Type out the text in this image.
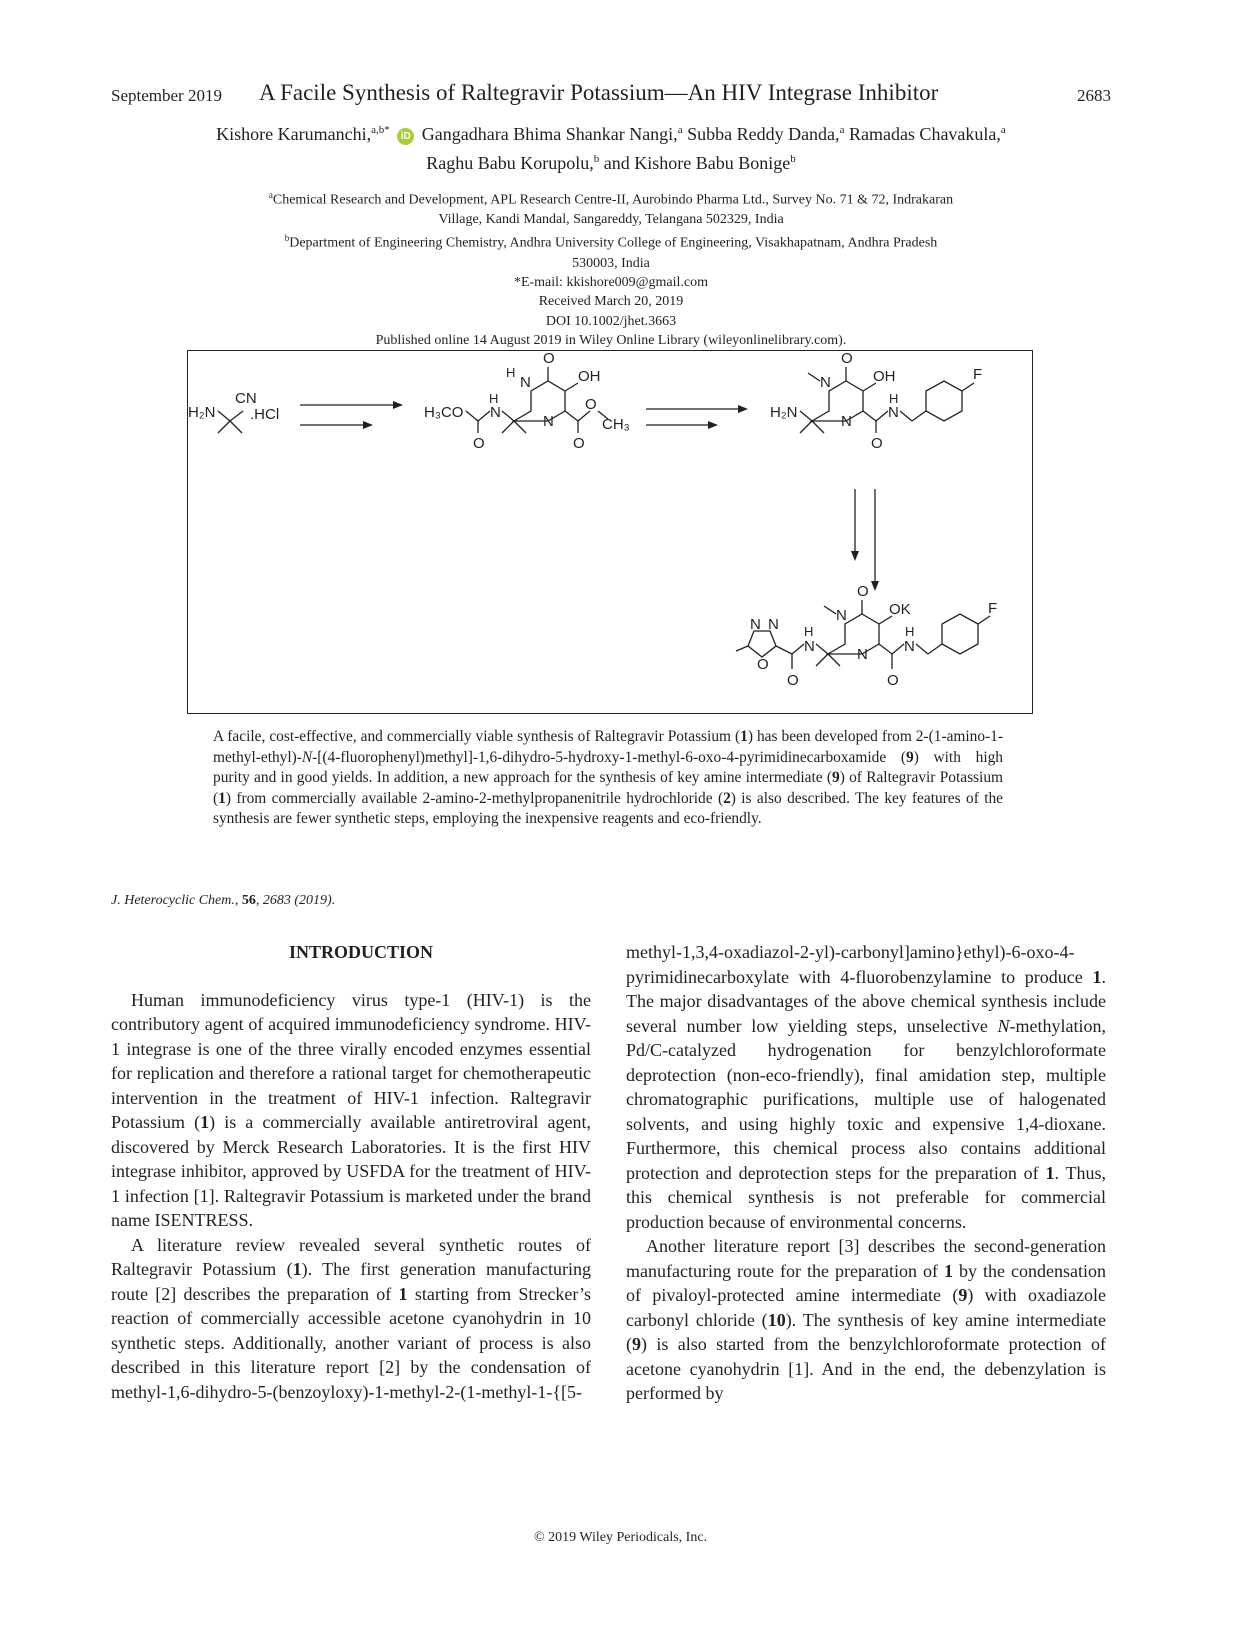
September 2019 A Facile Synthesis of Raltegravir Potassium—An HIV Integrase Inhibitor	2683
Kishore Karumanchi,$^{a,b*}$ iD Gangadhara Bhima Shankar Nangi,$^a$ Subba Reddy Danda,$^a$ Ramadas Chavakula,$^a$
Raghu Babu Korupolu,$^b$ and Kishore Babu Bonige$^b$
$^a$Chemical Research and Development, APL Research Centre-II, Aurobindo Pharma Ltd., Survey No. 71 & 72, Indrakaran
Village, Kandi Mandal, Sangareddy, Telangana 502329, India
$^b$Department of Engineering Chemistry, Andhra University College of Engineering, Visakhapatnam, Andhra Pradesh
530003, India
*E-mail: kkishore009@gmail.com
Received March 20, 2019
DOI 10.1002/jhet.3663
Published online 14 August 2019 in Wiley Online Library (wileyonlinelibrary.com).
H₂N
CN
.HCl	H₃CO
O
H
N
N
N
H
O
OH
O
O
CH₃
H₂N
N
N
O
OH
O
H
N
F
N N
O
O
H
N	N
N
O
OK
O
H
N
F
A facile, cost-effective, and commercially viable synthesis of Raltegravir Potassium (1) has been developed from 2-(1-amino-1-methyl-ethyl)-N-[(4-fluorophenyl)methyl]-1,6-dihydro-5-hydroxy-1-methyl-6-oxo-4-pyrimidinecarboxamide (9) with high purity and in good yields. In addition, a new approach for the synthesis of key amine intermediate (9) of Raltegravir Potassium (1) from commercially available 2-amino-2-methylpropanenitrile hydrochloride (2) is also described. The key features of the synthesis are fewer synthetic steps, employing the inexpensive reagents and eco-friendly.
J. Heterocyclic Chem., 56, 2683 (2019).

INTRODUCTION

Human immunodeficiency virus type-1 (HIV-1) is the contributory agent of acquired immunodeficiency syndrome. HIV-1 integrase is one of the three virally encoded enzymes essential for replication and therefore a rational target for chemotherapeutic intervention in the treatment of HIV-1 infection. Raltegravir Potassium (1) is a commercially available antiretroviral agent, discovered by Merck Research Laboratories. It is the first HIV integrase inhibitor, approved by USFDA for the treatment of HIV-1 infection [1]. Raltegravir Potassium is marketed under the brand name ISENTRESS.

A literature review revealed several synthetic routes of Raltegravir Potassium (1). The first generation manufacturing route [2] describes the preparation of 1 starting from Strecker’s reaction of commercially accessible acetone cyanohydrin in 10 synthetic steps. Additionally, another variant of process is also described in this literature report [2] by the condensation of methyl-1,6-dihydro-5-(benzoyloxy)-1-methyl-2-(1-methyl-1-{[5-

methyl-1,3,4-oxadiazol-2-yl)-carbonyl]amino}ethyl)-6-oxo-4-pyrimidinecarboxylate with 4-fluorobenzylamine to produce 1. The major disadvantages of the above chemical synthesis include several number low yielding steps, unselective N-methylation, Pd/C-catalyzed hydrogenation for benzylchloroformate deprotection (non-eco-friendly), final amidation step, multiple chromatographic purifications, multiple use of halogenated solvents, and using highly toxic and expensive 1,4-dioxane. Furthermore, this chemical process also contains additional protection and deprotection steps for the preparation of 1. Thus, this chemical synthesis is not preferable for commercial production because of environmental concerns.

Another literature report [3] describes the second-generation manufacturing route for the preparation of 1 by the condensation of pivaloyl-protected amine intermediate (9) with oxadiazole carbonyl chloride (10). The synthesis of key amine intermediate (9) is also started from the benzylchloroformate protection of acetone cyanohydrin [1]. And in the end, the debenzylation is performed by

© 2019 Wiley Periodicals, Inc.
